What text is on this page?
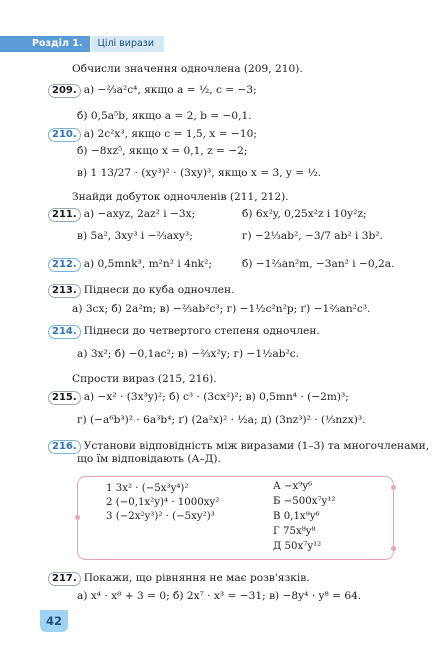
Розділ 1.	Цілі вирази
Обчисли значення одночлена (209, 210).
209. а) −⅔a²c⁴, якщо a = ½, c = −3;
б) 0,5a⁵b, якщо a = 2, b = −0,1.
210. а) 2c²x³, якщо c = 1,5, x = −10;
б) −8xz⁵, якщо x = 0,1, z = −2;
в) 1 13/27 · (xy³)² · (3xy)³, якщо x = 3, y = ½.
Знайди добуток одночленів (211, 212).
211. а) −axyz, 2az² і −3x;	б) 6x²y, 0,25x²z і 10y²z;
в) 5a², 3xy³ і −⅔axy³;	г) −2⅓ab², −3/7 ab² і 3b².
212. а) 0,5mnk³, m²n² і 4nk²;	б) −1⅔an²m, −3an² і −0,2a.
213. Піднеси до куба одночлен.
а) 3cx; б) 2a²m; в) −⅔ab²c³; г) −1½c²n²p; ґ) −1⅔an²c³.
214. Піднеси до четвертого степеня одночлен.
а) 3x²; б) −0,1ac²; в) −⅔x²y; г) −1½ab²c.
Спрости вираз (215, 216).
215. а) −x² · (3x³y)²; б) c³ · (3cx²)²; в) 0,5mn⁴ · (−2m)³;
г) (−a⁶b³)² · 6a³b⁴; ґ) (2a²x)² · ½a; д) (3nz³)² · (⅓nzx)³.
216. Установи відповідність між виразами (1–3) та многочленами,
що їм відповідають (А–Д).
217. Покажи, що рівняння не має розв'язків.
а) x⁴ · x⁸ + 3 = 0; б) 2x⁷ · x³ = −31; в) −8y⁴ · y⁸ = 64.
1 3x² · (−5x³y⁴)²
2 (−0,1x²y)⁴ · 1000xy²
3 (−2x²y³)² · (−5xy²)³
А −x⁹y⁶
Б −500x⁷y¹²
В 0,1x⁹y⁶
Г 75x⁸y⁸
Д 50x⁷y¹²
42
